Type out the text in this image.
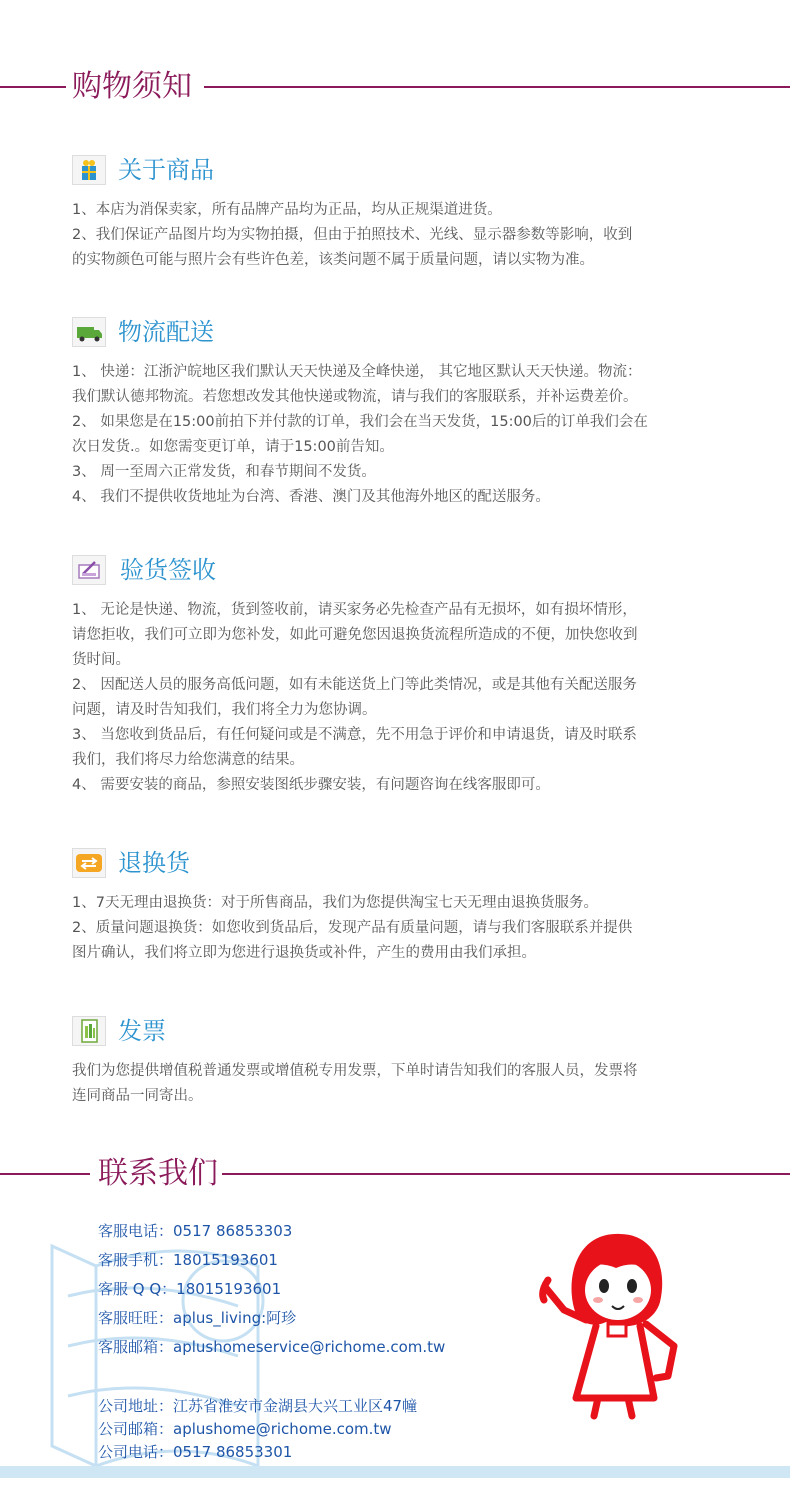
购物须知
关于商品

1、本店为消保卖家，所有品牌产品均为正品，均从正规渠道进货。

2、我们保证产品图片均为实物拍摄，但由于拍照技术、光线、显示器参数等影响，收到

的实物颜色可能与照片会有些许色差，该类问题不属于质量问题，请以实物为准。

物流配送

1、 快递：江浙沪皖地区我们默认天天快递及全峰快递， 其它地区默认天天快递。物流：

我们默认德邦物流。若您想改发其他快递或物流，请与我们的客服联系，并补运费差价。

2、 如果您是在15:00前拍下并付款的订单，我们会在当天发货，15:00后的订单我们会在

次日发货.。如您需变更订单，请于15:00前告知。

3、 周一至周六正常发货，和春节期间不发货。

4、 我们不提供收货地址为台湾、香港、澳门及其他海外地区的配送服务。

验货签收

1、 无论是快递、物流，货到签收前，请买家务必先检查产品有无损坏，如有损坏情形，

请您拒收，我们可立即为您补发，如此可避免您因退换货流程所造成的不便，加快您收到

货时间。

2、 因配送人员的服务高低问题，如有未能送货上门等此类情况，或是其他有关配送服务

问题，请及时告知我们，我们将全力为您协调。

3、 当您收到货品后，有任何疑问或是不满意，先不用急于评价和申请退货，请及时联系

我们，我们将尽力给您满意的结果。

4、 需要安装的商品，参照安装图纸步骤安装，有问题咨询在线客服即可。

退换货

1、7天无理由退换货：对于所售商品，我们为您提供淘宝七天无理由退换货服务。

2、质量问题退换货：如您收到货品后，发现产品有质量问题，请与我们客服联系并提供

图片确认，我们将立即为您进行退换货或补件，产生的费用由我们承担。

发票

我们为您提供增值税普通发票或增值税专用发票，下单时请告知我们的客服人员，发票将

连同商品一同寄出。

联系我们
客服电话：0517 86853303
客服手机：18015193601
客服 Q Q：18015193601
客服旺旺：aplus_living:阿珍
客服邮箱：aplushomeservice@richome.com.tw
公司地址：江苏省淮安市金湖县大兴工业区47幢
公司邮箱：aplushome@richome.com.tw
公司电话：0517 86853301
